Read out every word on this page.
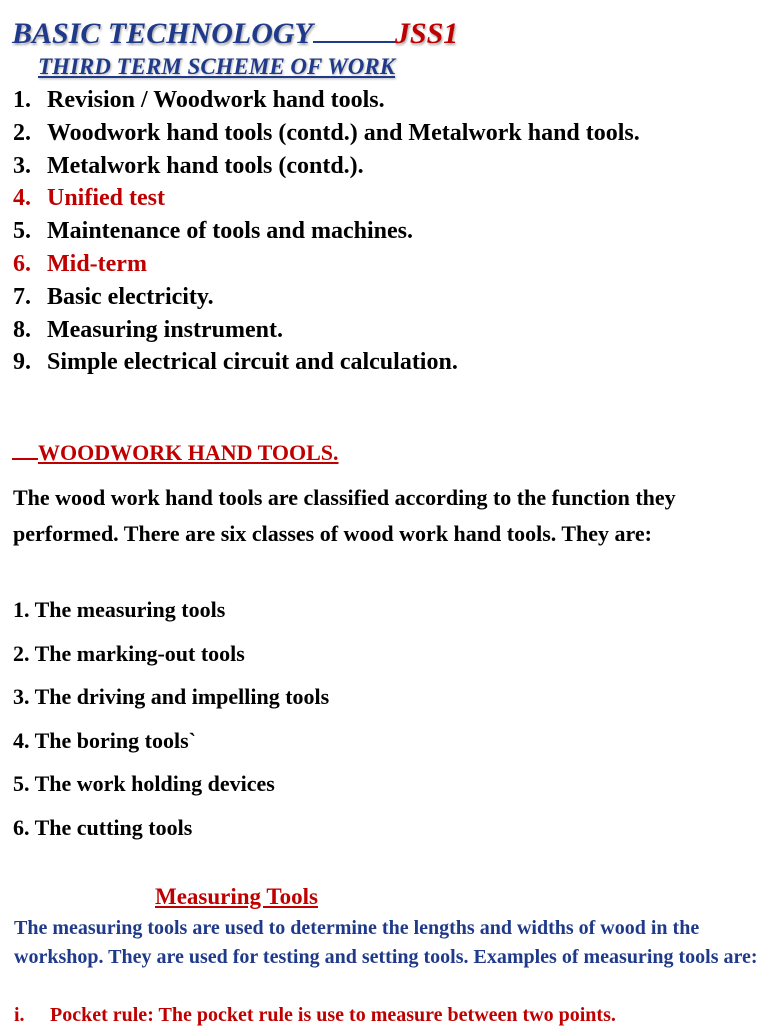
BASIC TECHNOLOGY	JSS1
THIRD TERM SCHEME OF WORK
1. Revision / Woodwork hand tools.
2. Woodwork hand tools (contd.) and Metalwork hand tools.
3. Metalwork hand tools (contd.).
4. Unified test
5. Maintenance of tools and machines.
6. Mid-term
7. Basic electricity.
8. Measuring instrument.
9. Simple electrical circuit and calculation.
WOODWORK HAND TOOLS.
The wood work hand tools are classified according to the function they performed. There are six classes of wood work hand tools. They are:
1. The measuring tools
2. The marking-out tools
3. The driving and impelling tools
4. The boring tools`
5. The work holding devices
6. The cutting tools
Measuring Tools
The measuring tools are used to determine the lengths and widths of wood in the workshop. They are used for testing and setting tools. Examples of measuring tools are:
i. Pocket rule: The pocket rule is use to measure between two points.
